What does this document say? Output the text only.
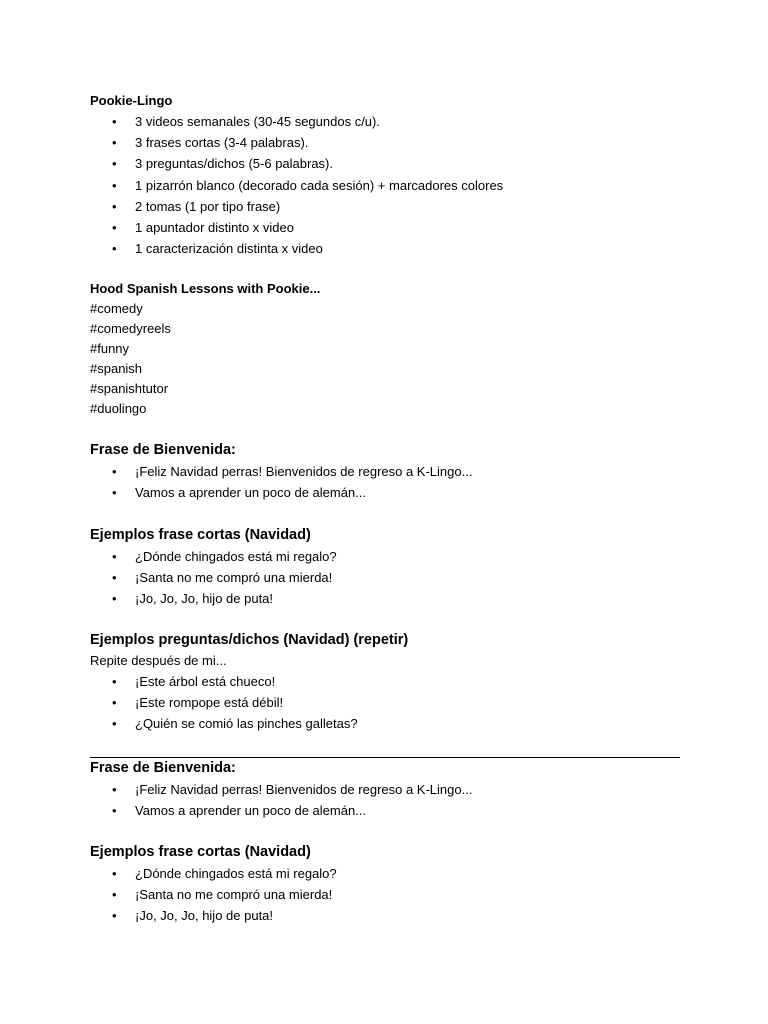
Pookie-Lingo

• 3 videos semanales (30-45 segundos c/u).
• 3 frases cortas (3-4 palabras).
• 3 preguntas/dichos (5-6 palabras).
• 1 pizarrón blanco (decorado cada sesión) + marcadores colores
• 2 tomas (1 por tipo frase)
• 1 apuntador distinto x video
• 1 caracterización distinta x video

Hood Spanish Lessons with Pookie...

#comedy

#comedyreels

#funny

#spanish

#spanishtutor

#duolingo

Frase de Bienvenida:

• ¡Feliz Navidad perras! Bienvenidos de regreso a K-Lingo...
• Vamos a aprender un poco de alemán...

Ejemplos frase cortas (Navidad)

• ¿Dónde chingados está mi regalo?
• ¡Santa no me compró una mierda!
• ¡Jo, Jo, Jo, hijo de puta!

Ejemplos preguntas/dichos (Navidad) (repetir)

Repite después de mi...

• ¡Este árbol está chueco!
• ¡Este rompope está débil!
• ¿Quién se comió las pinches galletas?

Frase de Bienvenida:

• ¡Feliz Navidad perras! Bienvenidos de regreso a K-Lingo...
• Vamos a aprender un poco de alemán...

Ejemplos frase cortas (Navidad)

• ¿Dónde chingados está mi regalo?
• ¡Santa no me compró una mierda!
• ¡Jo, Jo, Jo, hijo de puta!
